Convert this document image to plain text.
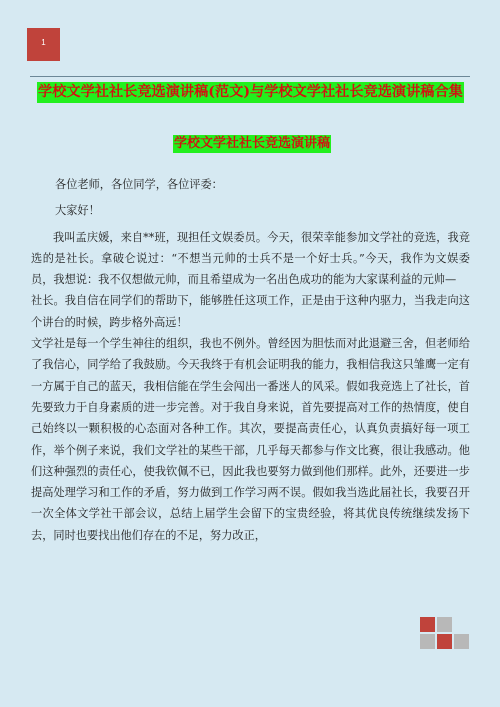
1
学校文学社社长竞选演讲稿(范文)与学校文学社社长竞选演讲稿合集
学校文学社社长竞选演讲稿

各位老师，各位同学，各位评委：

大家好！

我叫孟庆媛，来自**班，现担任文娱委员。今天，很荣幸能参加文学社的竞选，我竞选的是社长。拿破仑说过：“不想当元帅的士兵不是一个好士兵。”今天，我作为文娱委员，我想说：我不仅想做元帅，而且希望成为一名出色成功的能为大家谋利益的元帅—

社长。我自信在同学们的帮助下，能够胜任这项工作，正是由于这种内驱力，当我走向这个讲台的时候，跨步格外高远！

文学社是每一个学生神往的组织，我也不例外。曾经因为胆怯而对此退避三舍，但老师给了我信心，同学给了我鼓励。今天我终于有机会证明我的能力，我相信我这只雏鹰一定有一方属于自己的蓝天，我相信能在学生会闯出一番迷人的风采。假如我竞选上了社长，首先要致力于自身素质的进一步完善。对于我自身来说，首先要提高对工作的热情度，使自己始终以一颗积极的心态面对各种工作。其次，要提高责任心，认真负责搞好每一项工作，举个例子来说，我们文学社的某些干部，几乎每天都参与作文比赛，很让我感动。他们这种强烈的责任心，使我钦佩不已，因此我也要努力做到他们那样。此外，还要进一步提高处理学习和工作的矛盾，努力做到工作学习两不误。假如我当选此届社长，我要召开一次全体文学社干部会议，总结上届学生会留下的宝贵经验，将其优良传统继续发扬下去，同时也要找出他们存在的不足，努力改正，
